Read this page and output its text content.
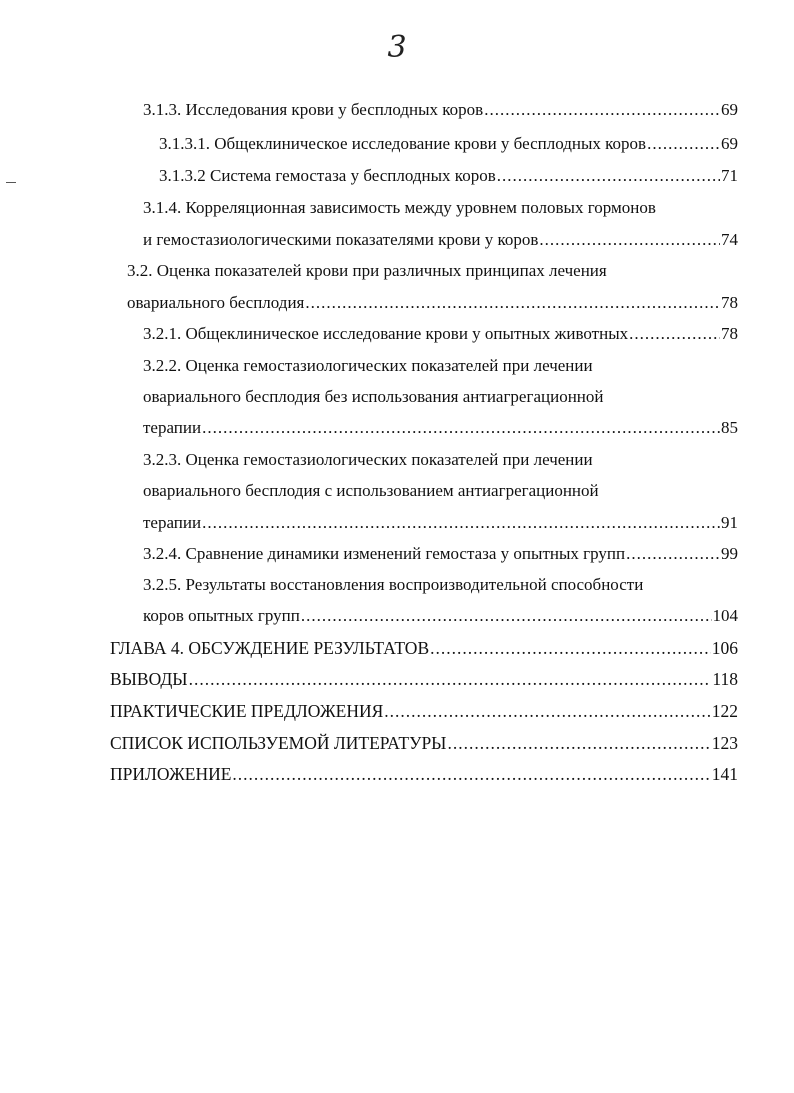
3
3.1.3. Исследования крови у бесплодных коров .....	69
3.1.3.1. Общеклиническое исследование крови у бесплодных коров .....	69
3.1.3.2 Система гемостаза у бесплодных коров .....	71
3.1.4. Корреляционная зависимость между уровнем половых гормонов
и гемостазиологическими показателями крови у коров .....	74
3.2. Оценка показателей крови при различных принципах лечения
овариального бесплодия .....	78
3.2.1. Общеклиническое исследование крови у опытных животных .....	78
3.2.2. Оценка гемостазиологических показателей при лечении
овариального бесплодия без использования антиагрегационной
терапии .....	85
3.2.3. Оценка гемостазиологических показателей при лечении
овариального бесплодия с использованием антиагрегационной
терапии .....	91
3.2.4. Сравнение динамики изменений гемостаза у опытных групп .....	99
3.2.5. Результаты восстановления воспроизводительной способности
коров опытных групп .....	104
ГЛАВА 4. ОБСУЖДЕНИЕ РЕЗУЛЬТАТОВ .....	106
ВЫВОДЫ .....	118
ПРАКТИЧЕСКИЕ ПРЕДЛОЖЕНИЯ .....	122
СПИСОК ИСПОЛЬЗУЕМОЙ ЛИТЕРАТУРЫ .....	123
ПРИЛОЖЕНИЕ .....	141
